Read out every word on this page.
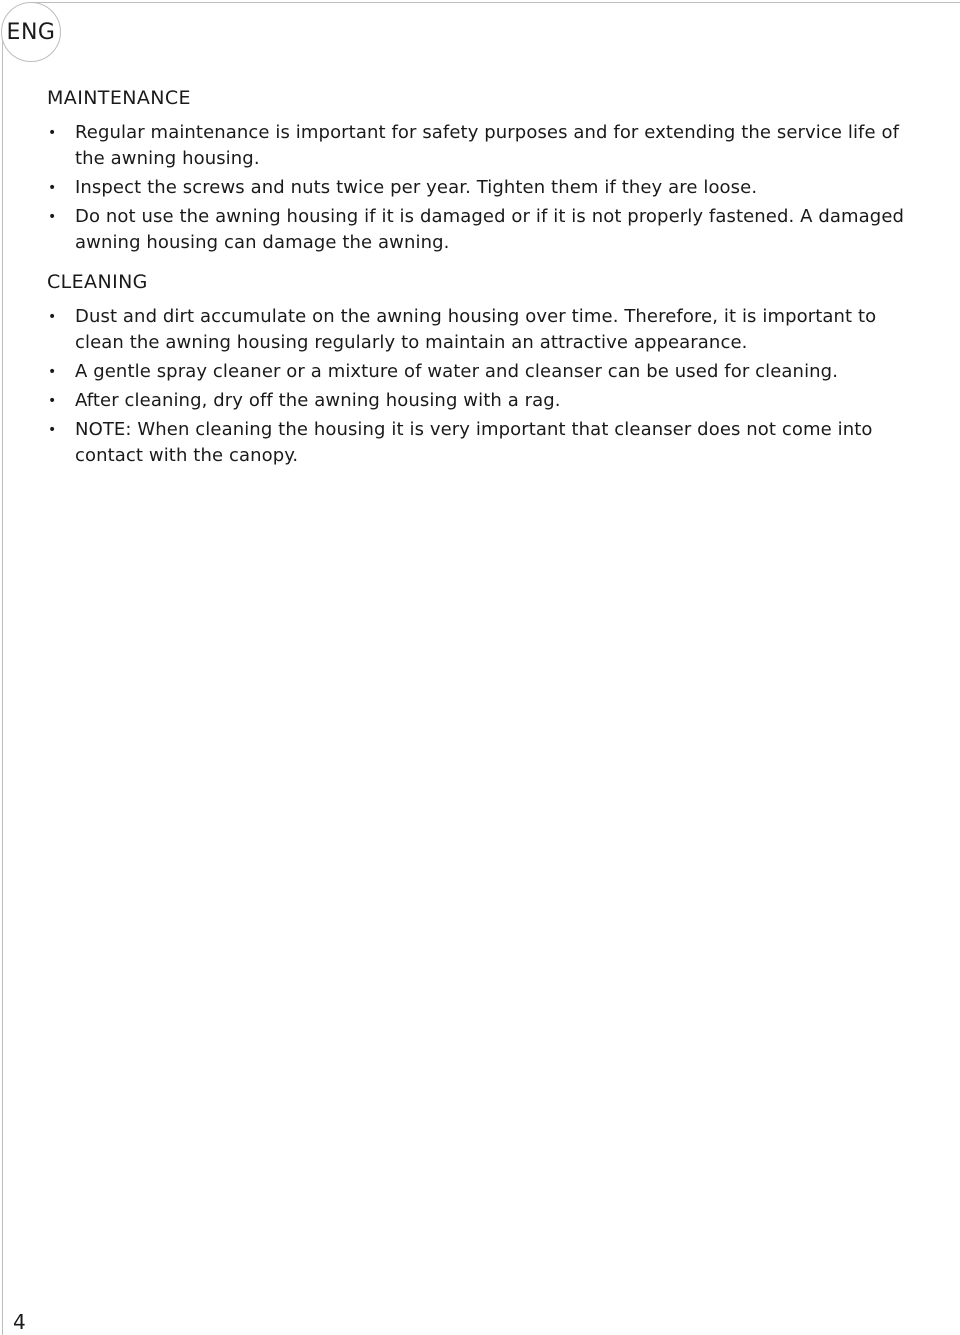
ENG
MAINTENANCE
• Regular maintenance is important for safety purposes and for extending the service life of the awning housing.
• Inspect the screws and nuts twice per year. Tighten them if they are loose.
• Do not use the awning housing if it is damaged or if it is not properly fastened. A damaged awning housing can damage the awning.
CLEANING
• Dust and dirt accumulate on the awning housing over time. Therefore, it is important to clean the awning housing regularly to maintain an attractive appearance.
• A gentle spray cleaner or a mixture of water and cleanser can be used for cleaning.
• After cleaning, dry off the awning housing with a rag.
• NOTE: When cleaning the housing it is very important that cleanser does not come into contact with the canopy.
4
